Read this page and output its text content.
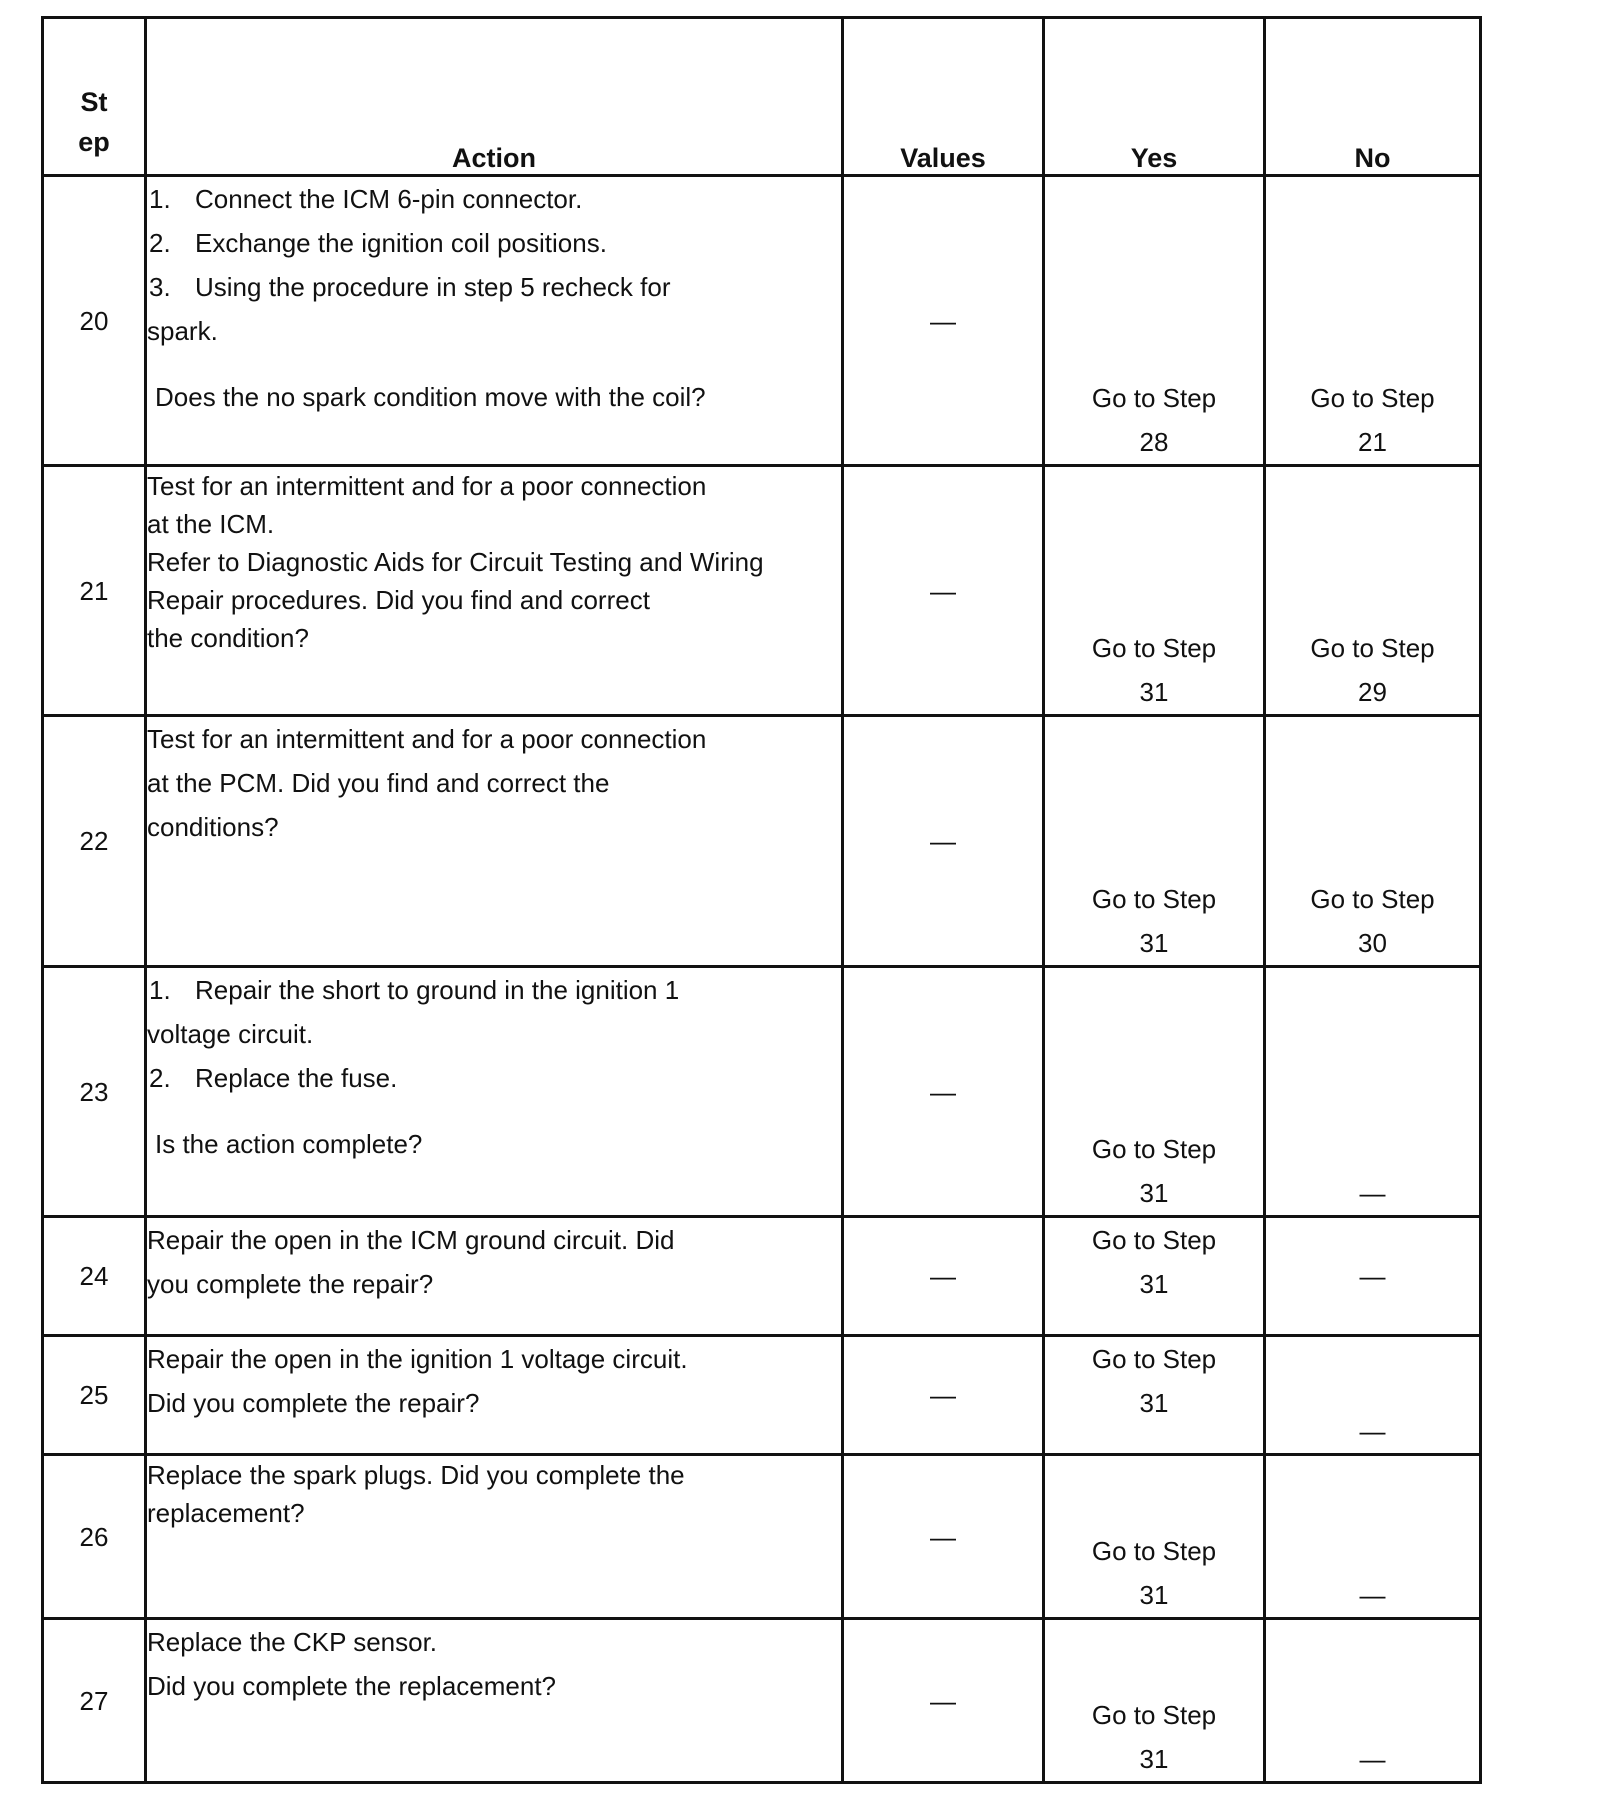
St
ep	Action	Values	Yes	No
20	1. Connect the ICM 6-pin connector.
2. Exchange the ignition coil positions.
3. Using the procedure in step 5 recheck for
spark.
Does the no spark condition move with the coil?	—	Go to Step
28	Go to Step
21

21	Test for an intermittent and for a poor connection
at the ICM.
Refer to Diagnostic Aids for Circuit Testing and Wiring
Repair procedures. Did you find and correct
the condition?	—	Go to Step
31	Go to Step
29

22	Test for an intermittent and for a poor connection
at the PCM. Did you find and correct the
conditions?	—	Go to Step
31	Go to Step
30

23	1. Repair the short to ground in the ignition 1
voltage circuit.
2. Replace the fuse.
Is the action complete?	—	Go to Step
31	—
24	Repair the open in the ICM ground circuit. Did
you complete the repair?	—	Go to Step
31	—
25	Repair the open in the ignition 1 voltage circuit.
Did you complete the repair?	—	Go to Step
31	—
26	Replace the spark plugs. Did you complete the
replacement?	—	Go to Step
31	—
27	Replace the CKP sensor.
Did you complete the replacement?	—	Go to Step
31	—
